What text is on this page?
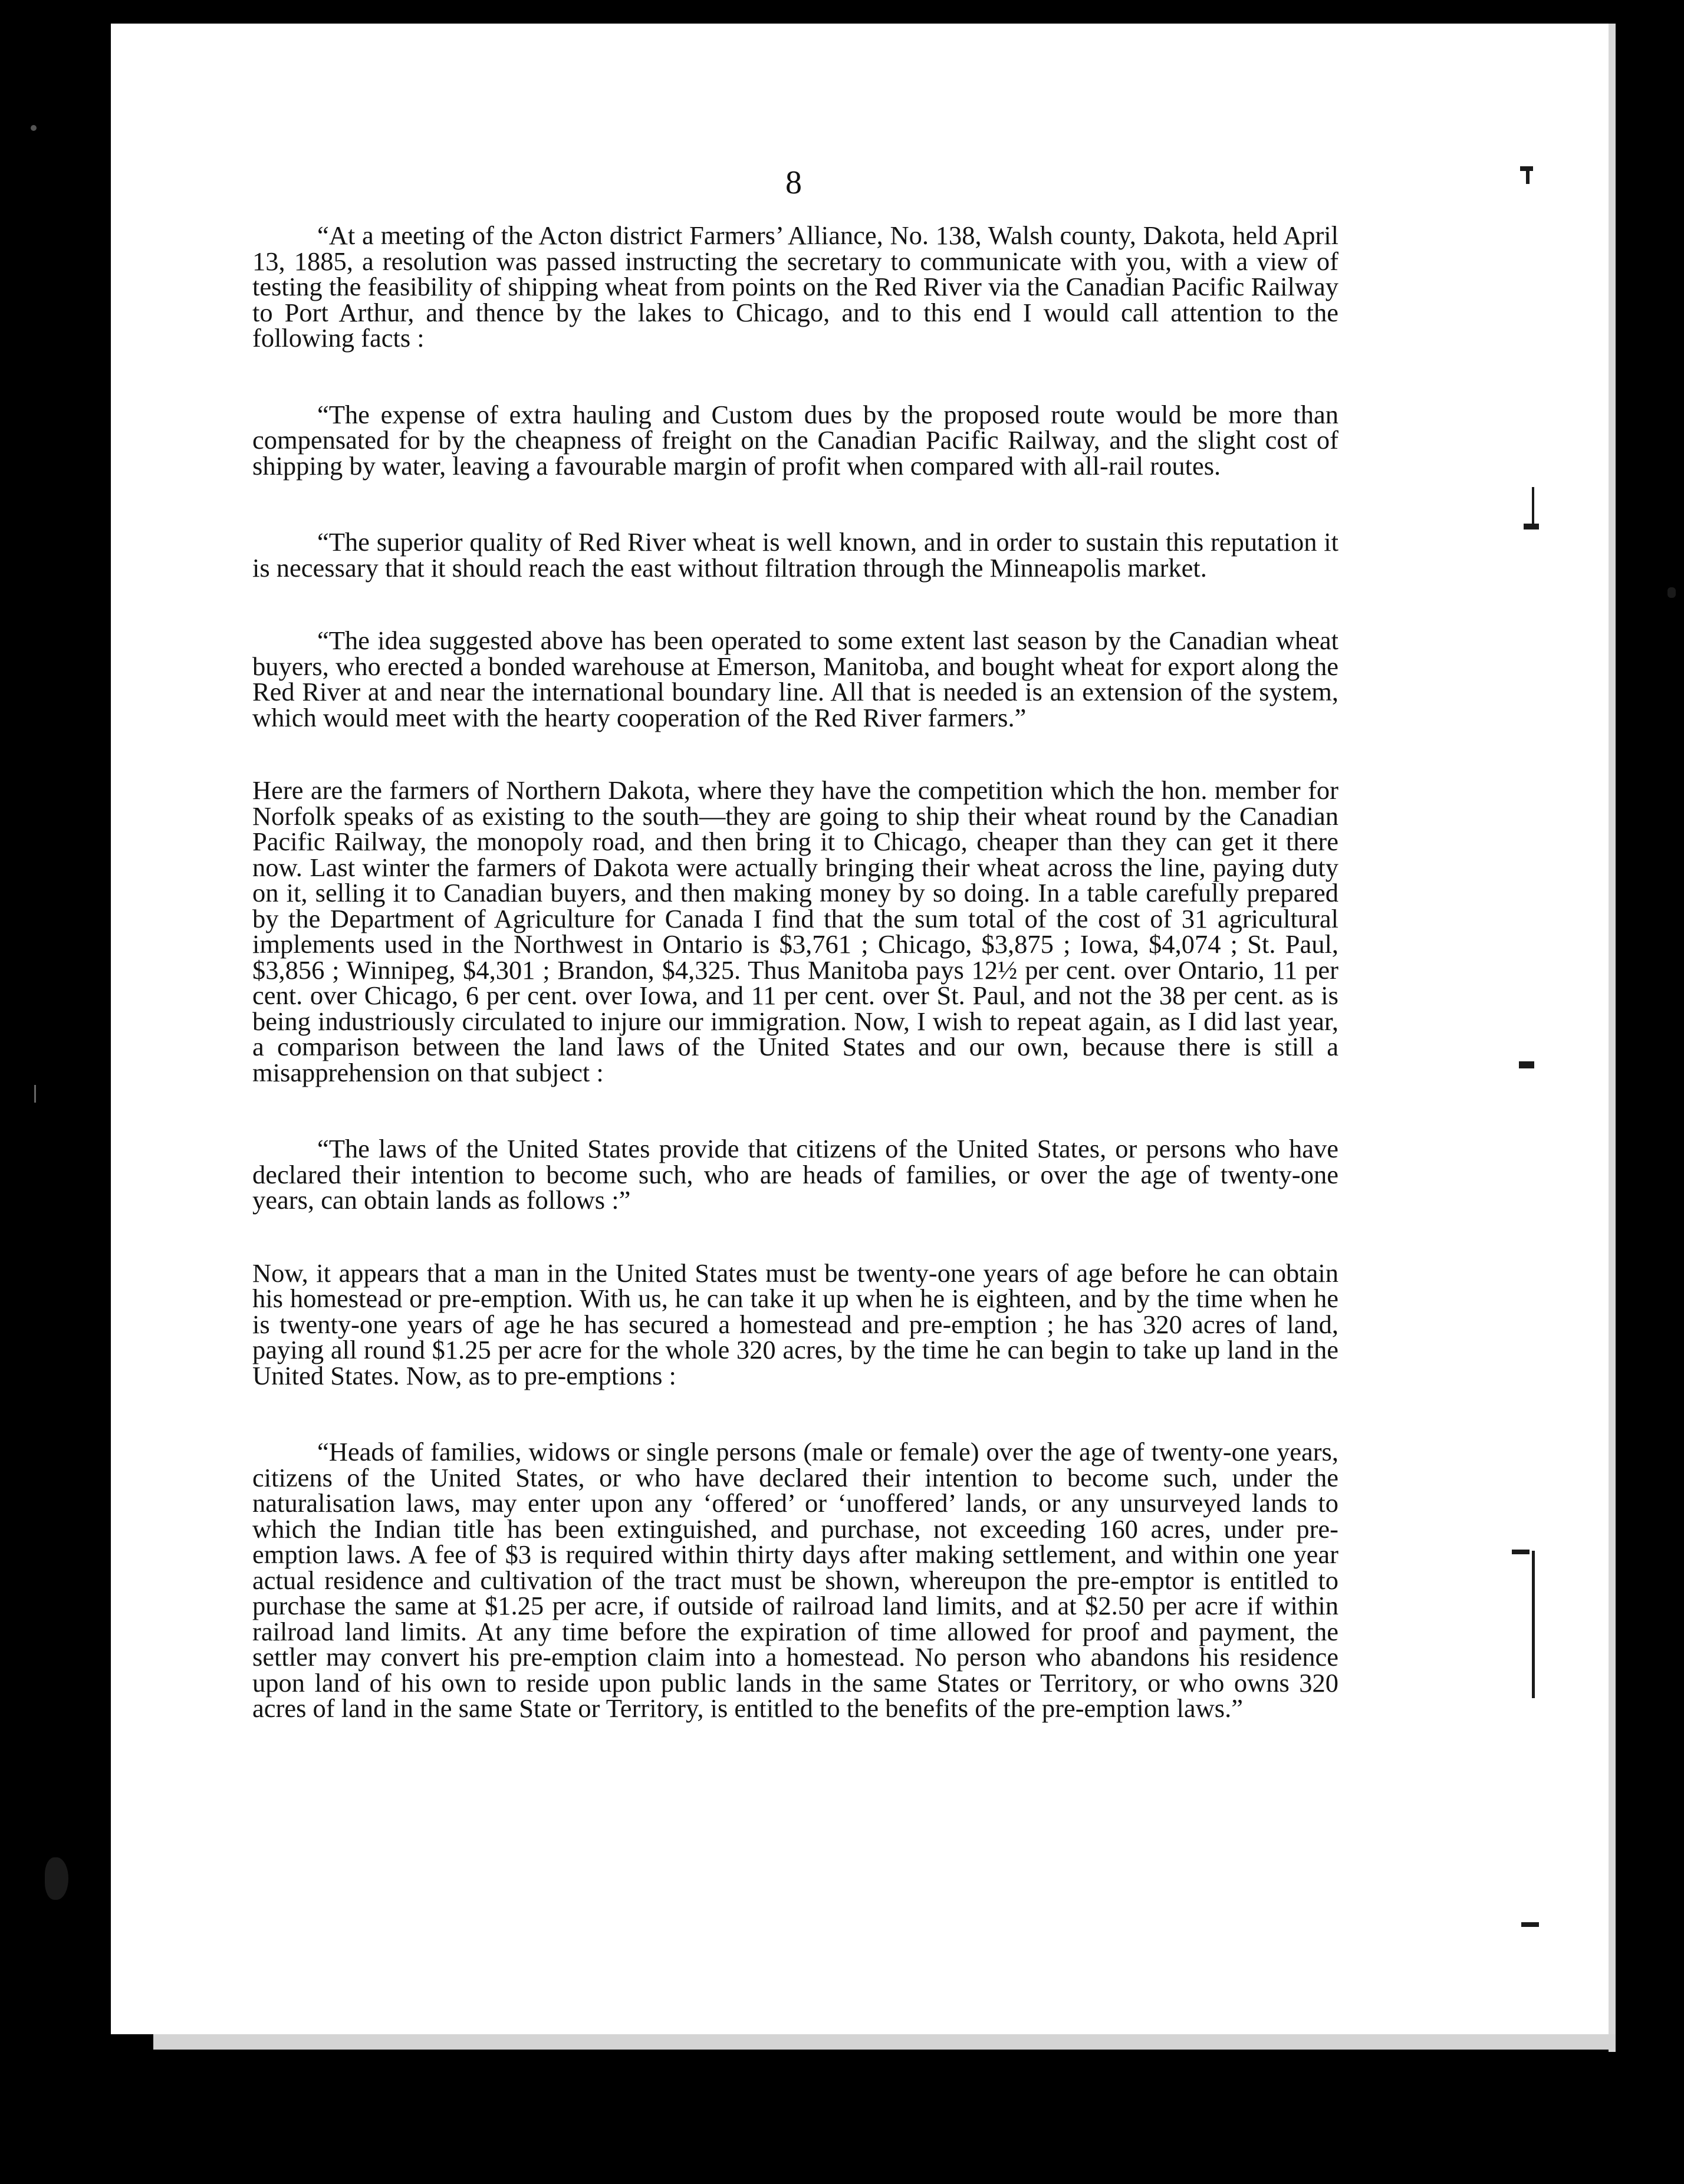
8

“At a meeting of the Acton district Farmers’ Alliance, No. 138, Walsh county, Dakota, held April 13, 1885, a resolution was passed instructing the secretary to communicate with you, with a view of testing the feasibility of shipping wheat from points on the Red River via the Canadian Pacific Railway to Port Arthur, and thence by the lakes to Chicago, and to this end I would call attention to the following facts :

“The expense of extra hauling and Custom dues by the proposed route would be more than compensated for by the cheapness of freight on the Canadian Pacific Railway, and the slight cost of shipping by water, leaving a favourable margin of profit when compared with all-rail routes.

“The superior quality of Red River wheat is well known, and in order to sustain this reputation it is necessary that it should reach the east without filtration through the Minneapolis market.

“The idea suggested above has been operated to some extent last season by the Canadian wheat buyers, who erected a bonded warehouse at Emerson, Manitoba, and bought wheat for export along the Red River at and near the international boundary line. All that is needed is an extension of the system, which would meet with the hearty cooperation of the Red River farmers.”

Here are the farmers of Northern Dakota, where they have the competition which the hon. member for Norfolk speaks of as existing to the south—they are going to ship their wheat round by the Canadian Pacific Railway, the monopoly road, and then bring it to Chicago, cheaper than they can get it there now. Last winter the farmers of Dakota were actually bringing their wheat across the line, paying duty on it, selling it to Canadian buyers, and then making money by so doing. In a table carefully prepared by the Department of Agriculture for Canada I find that the sum total of the cost of 31 agricultural implements used in the Northwest in Ontario is $3,761 ; Chicago, $3,875 ; Iowa, $4,074 ; St. Paul, $3,856 ; Winnipeg, $4,301 ; Brandon, $4,325. Thus Manitoba pays 12½ per cent. over Ontario, 11 per cent. over Chicago, 6 per cent. over Iowa, and 11 per cent. over St. Paul, and not the 38 per cent. as is being industriously circulated to injure our immigration. Now, I wish to repeat again, as I did last year, a comparison between the land laws of the United States and our own, because there is still a misapprehension on that subject :

“The laws of the United States provide that citizens of the United States, or persons who have declared their intention to become such, who are heads of families, or over the age of twenty-one years, can obtain lands as follows :”

Now, it appears that a man in the United States must be twenty-one years of age before he can obtain his homestead or pre-emption. With us, he can take it up when he is eighteen, and by the time when he is twenty-one years of age he has secured a homestead and pre-emption ; he has 320 acres of land, paying all round $1.25 per acre for the whole 320 acres, by the time he can begin to take up land in the United States. Now, as to pre-emptions :

“Heads of families, widows or single persons (male or female) over the age of twenty-one years, citizens of the United States, or who have declared their intention to become such, under the naturalisation laws, may enter upon any ‘offered’ or ‘unoffered’ lands, or any unsurveyed lands to which the Indian title has been extinguished, and purchase, not exceeding 160 acres, under pre-emption laws. A fee of $3 is required within thirty days after making settlement, and within one year actual residence and cultivation of the tract must be shown, whereupon the pre-emptor is entitled to purchase the same at $1.25 per acre, if outside of railroad land limits, and at $2.50 per acre if within railroad land limits. At any time before the expiration of time allowed for proof and payment, the settler may convert his pre-emption claim into a homestead. No person who abandons his residence upon land of his own to reside upon public lands in the same States or Territory, or who owns 320 acres of land in the same State or Territory, is entitled to the benefits of the pre-emption laws.”
